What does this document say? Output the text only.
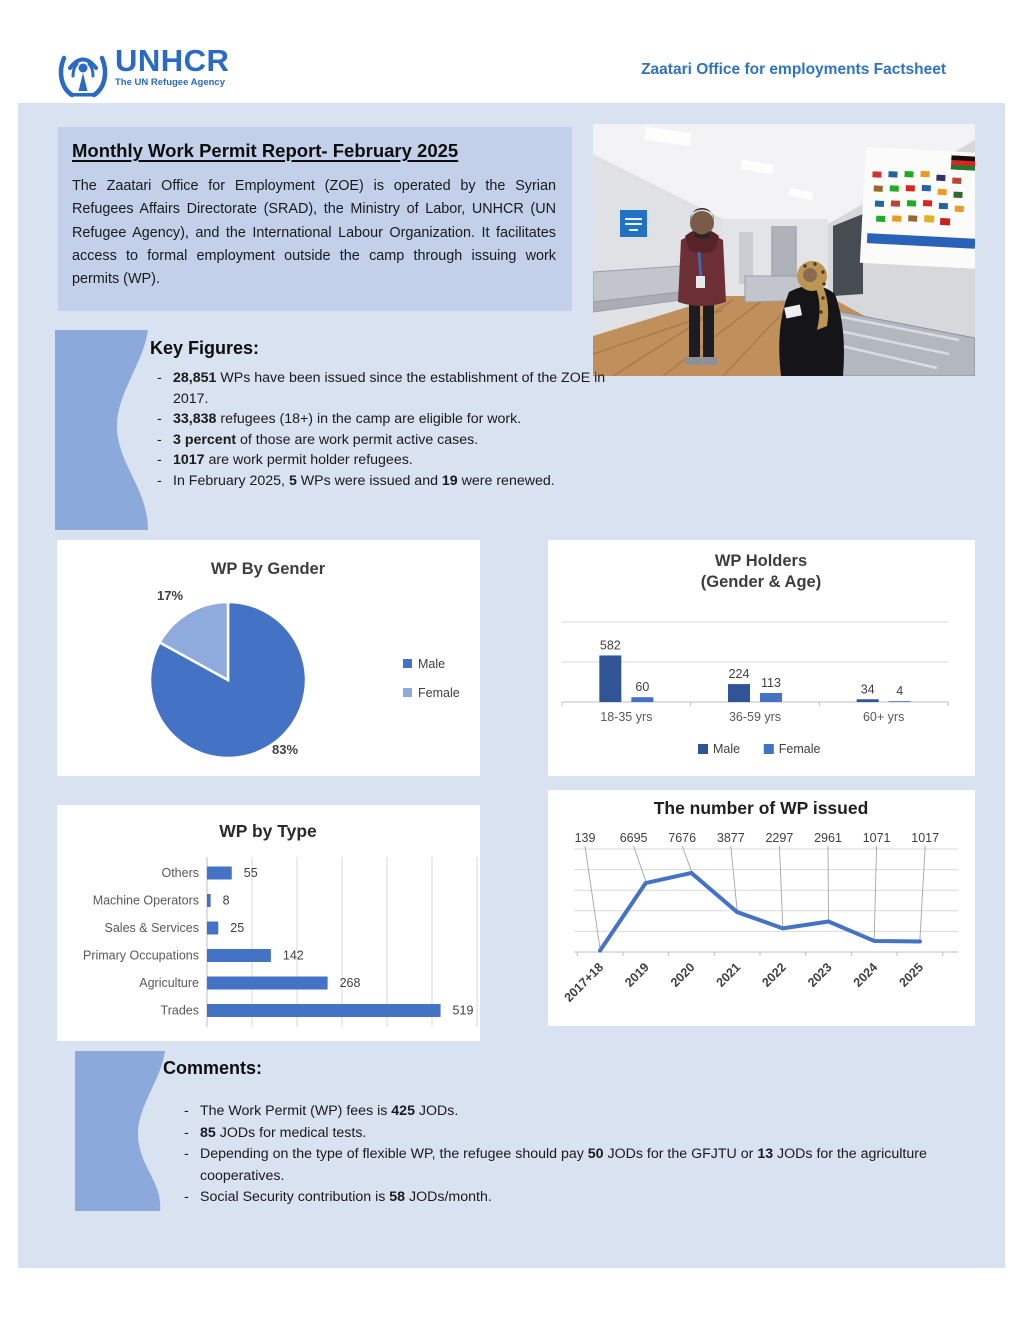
UNHCR
The UN Refugee Agency
Zaatari Office for employments Factsheet
Monthly Work Permit Report- February 2025

The Zaatari Office for Employment (ZOE) is operated by the Syrian Refugees Affairs Directorate (SRAD), the Ministry of Labor, UNHCR (UN Refugee Agency), and the International Labour Organization. It facilitates access to formal employment outside the camp through issuing work permits (WP).

Key Figures:
- 28,851 WPs have been issued since the establishment of the ZOE in 2017.
- 33,838 refugees (18+) in the camp are eligible for work.
- 3 percent of those are work permit active cases.
- 1017 are work permit holder refugees.
- In February 2025, 5 WPs were issued and 19 were renewed.
WP By Gender
17%
83%
Male
Female
WP Holders
(Gender & Age)
582
60
224
113	34 4
18-35 yrs	36-59 yrs	60+ yrs
Male	Female
WP by Type
Others	55
Machine Operators 8
Sales & Services	25
Primary Occupations	142
Agriculture	268
Trades	519
The number of WP issued
139 6695 7676 3877 2297 2961 1071 1017
2017+18 2019 2020 2021 2022 2023 2024 2025
Comments:
- The Work Permit (WP) fees is 425 JODs.
- 85 JODs for medical tests.
- Depending on the type of flexible WP, the refugee should pay 50 JODs for the GFJTU or 13 JODs for the agriculture cooperatives.
- Social Security contribution is 58 JODs/month.
